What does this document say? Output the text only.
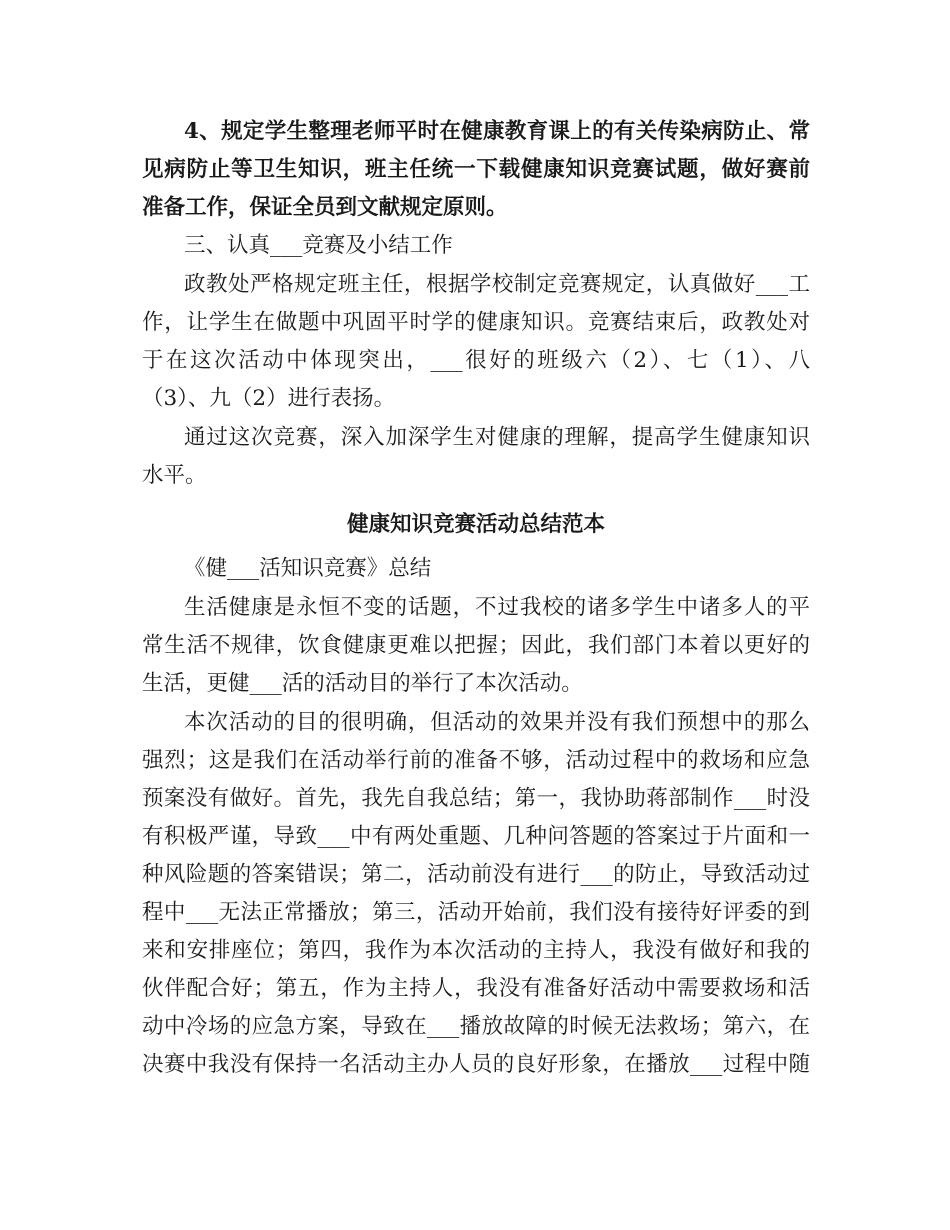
4、规定学生整理老师平时在健康教育课上的有关传染病防止、常
见病防止等卫生知识，班主任统一下载健康知识竞赛试题，做好赛前
准备工作，保证全员到文献规定原则。
三、认真___竞赛及小结工作
政教处严格规定班主任，根据学校制定竞赛规定，认真做好___工
作，让学生在做题中巩固平时学的健康知识。竞赛结束后，政教处对
于在这次活动中体现突出，___很好的班级六（2）、七（1）、八
（3）、九（2）进行表扬。
通过这次竞赛，深入加深学生对健康的理解，提高学生健康知识
水平。
健康知识竞赛活动总结范本
《健___活知识竞赛》总结
生活健康是永恒不变的话题，不过我校的诸多学生中诸多人的平
常生活不规律，饮食健康更难以把握；因此，我们部门本着以更好的
生活，更健___活的活动目的举行了本次活动。
本次活动的目的很明确，但活动的效果并没有我们预想中的那么
强烈；这是我们在活动举行前的准备不够，活动过程中的救场和应急
预案没有做好。首先，我先自我总结；第一，我协助蒋部制作___时没
有积极严谨，导致___中有两处重题、几种问答题的答案过于片面和一
种风险题的答案错误；第二，活动前没有进行___的防止，导致活动过
程中___无法正常播放；第三，活动开始前，我们没有接待好评委的到
来和安排座位；第四，我作为本次活动的主持人，我没有做好和我的
伙伴配合好；第五，作为主持人，我没有准备好活动中需要救场和活
动中冷场的应急方案，导致在___播放故障的时候无法救场；第六，在
决赛中我没有保持一名活动主办人员的良好形象，在播放___过程中随
